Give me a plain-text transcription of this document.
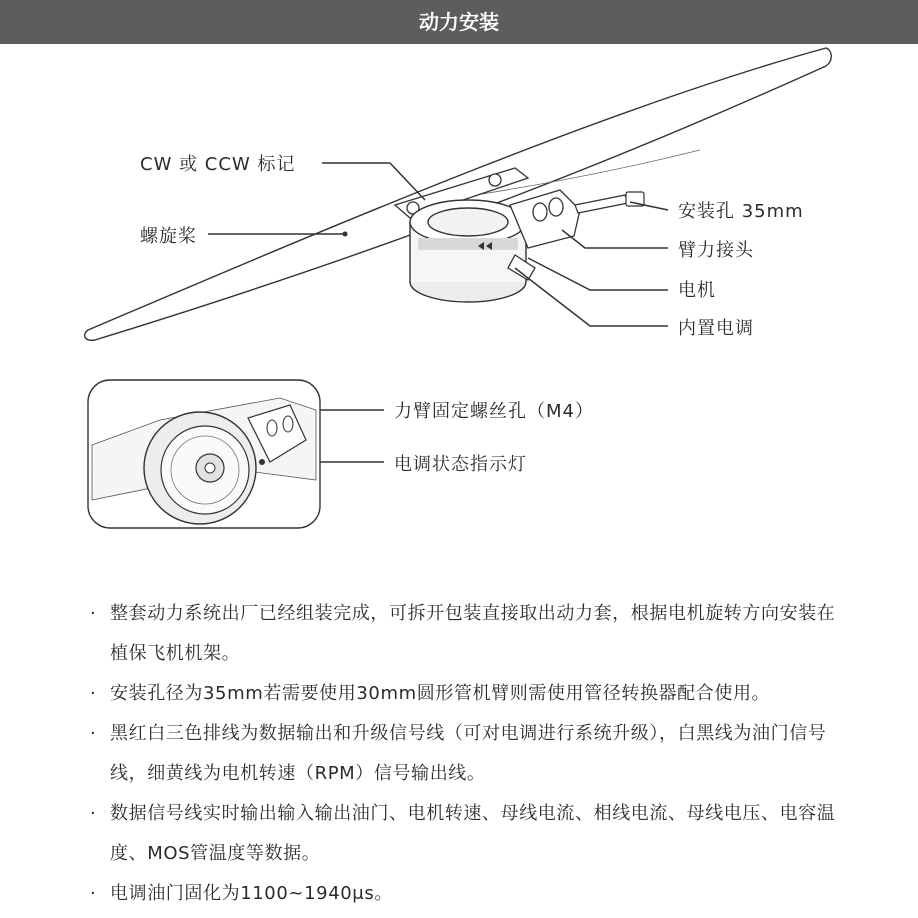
动力安装
CW 或 CCW 标记
螺旋桨
安装孔 35mm
臂力接头
电机
内置电调
力臂固定螺丝孔（M4）
电调状态指示灯
· 整套动力系统出厂已经组装完成，可拆开包装直接取出动力套，根据电机旋转方向安装在植保飞机机架。
· 安装孔径为35mm若需要使用30mm圆形管机臂则需使用管径转换器配合使用。
· 黑红白三色排线为数据输出和升级信号线（可对电调进行系统升级），白黑线为油门信号线，细黄线为电机转速（RPM）信号输出线。
· 数据信号线实时输出输入输出油门、电机转速、母线电流、相线电流、母线电压、电容温度、MOS管温度等数据。
· 电调油门固化为1100~1940μs。
